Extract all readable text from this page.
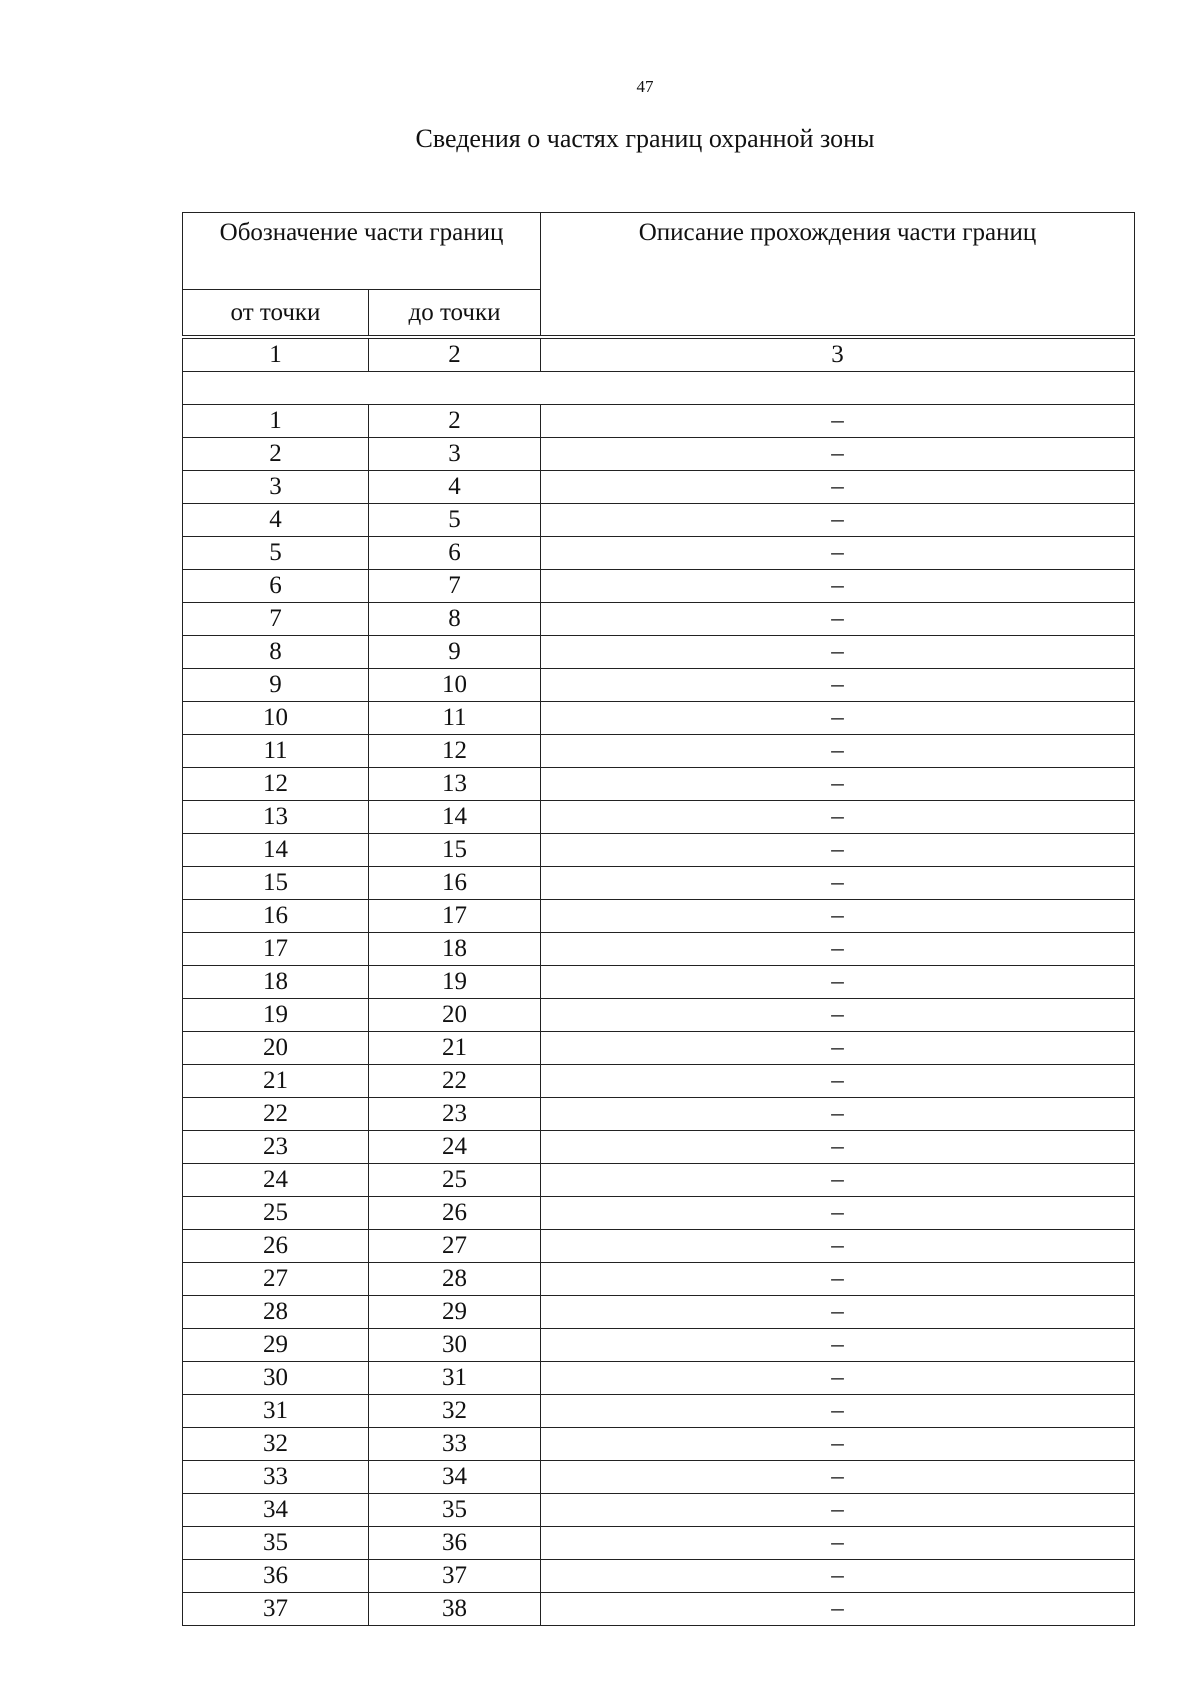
47
Сведения о частях границ охранной зоны
Обозначение части границ		Описание прохождения части границ
от точки	до точки	

1	2	3

1	2	–
2	3	–
3	4	–
4	5	–
5	6	–
6	7	–
7	8	–
8	9	–
9	10	–
10	11	–
11	12	–
12	13	–
13	14	–
14	15	–
15	16	–
16	17	–
17	18	–
18	19	–
19	20	–
20	21	–
21	22	–
22	23	–
23	24	–
24	25	–
25	26	–
26	27	–
27	28	–
28	29	–
29	30	–
30	31	–
31	32	–
32	33	–
33	34	–
34	35	–
35	36	–
36	37	–
37	38	–
